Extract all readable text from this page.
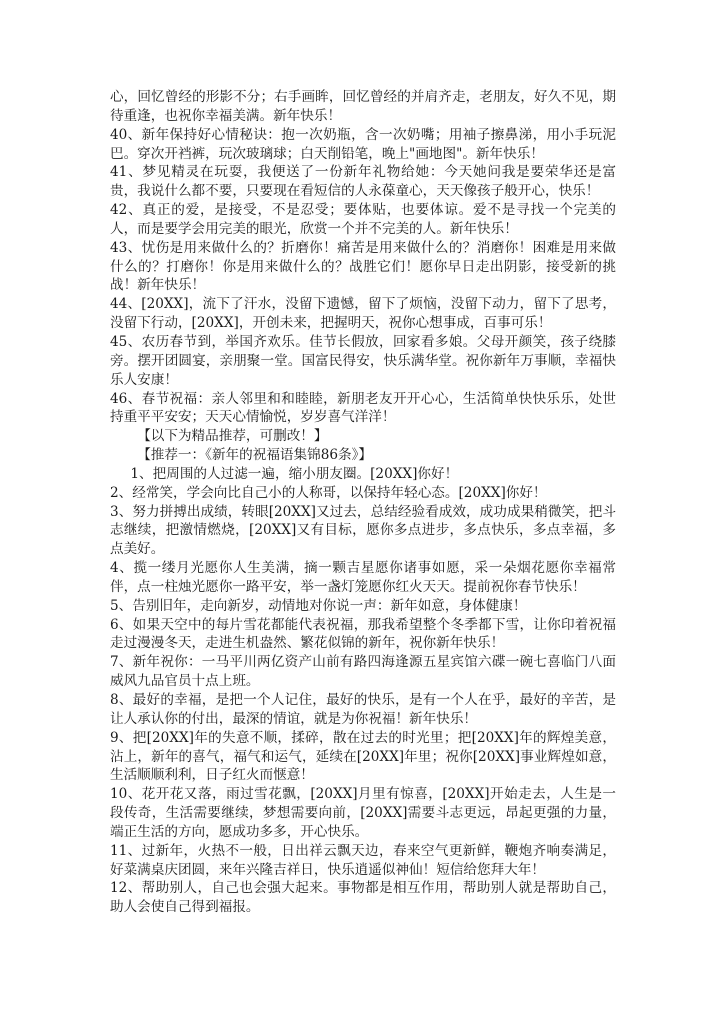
心，回忆曾经的形影不分；右手画眸，回忆曾经的并肩齐走，老朋友，好久不见，期待重逢，也祝你幸福美满。新年快乐！

40、新年保持好心情秘诀：抱一次奶瓶，含一次奶嘴；用袖子擦鼻涕，用小手玩泥巴。穿次开裆裤，玩次玻璃球；白天削铅笔，晚上"画地图"。新年快乐！

41、梦见精灵在玩耍，我便送了一份新年礼物给她：今天她问我是要荣华还是富贵，我说什么都不要，只要现在看短信的人永葆童心，天天像孩子般开心，快乐！

42、真正的爱，是接受，不是忍受；要体贴，也要体谅。爱不是寻找一个完美的人，而是要学会用完美的眼光，欣赏一个并不完美的人。新年快乐！

43、忧伤是用来做什么的？折磨你！痛苦是用来做什么的？消磨你！困难是用来做什么的？打磨你！你是用来做什么的？战胜它们！愿你早日走出阴影，接受新的挑战！新年快乐！

44、[20XX]，流下了汗水，没留下遗憾，留下了烦恼，没留下动力，留下了思考，没留下行动，[20XX]，开创未来，把握明天，祝你心想事成，百事可乐！

45、农历春节到，举国齐欢乐。佳节长假放，回家看多娘。父母开颜笑，孩子绕膝旁。摆开团圆宴，亲朋聚一堂。国富民得安，快乐满华堂。祝你新年万事顺，幸福快乐人安康！

46、春节祝福：亲人邻里和和睦睦，新朋老友开开心心，生活简单快快乐乐，处世持重平平安安；天天心情愉悦，岁岁喜气洋洋！

【以下为精品推荐，可删改！】

【推荐一：《新年的祝福语集锦86条》】

1、把周围的人过滤一遍，缩小朋友圈。[20XX]你好！

2、经常笑，学会向比自己小的人称哥，以保持年轻心态。[20XX]你好！

3、努力拼搏出成绩，转眼[20XX]又过去，总结经验看成效，成功成果稍微笑，把斗志继续，把激情燃烧，[20XX]又有目标，愿你多点进步，多点快乐，多点幸福，多点美好。

4、揽一缕月光愿你人生美满，摘一颗吉星愿你诸事如愿，采一朵烟花愿你幸福常伴，点一柱烛光愿你一路平安，举一盏灯笼愿你红火天天。提前祝你春节快乐！

5、告别旧年，走向新岁，动情地对你说一声：新年如意，身体健康！

6、如果天空中的每片雪花都能代表祝福，那我希望整个冬季都下雪，让你印着祝福走过漫漫冬天，走进生机盎然、繁花似锦的新年，祝你新年快乐！

7、新年祝你：一马平川两亿资产山前有路四海逢源五星宾馆六碟一碗七喜临门八面威风九品官员十点上班。

8、最好的幸福，是把一个人记住，最好的快乐，是有一个人在乎，最好的辛苦，是让人承认你的付出，最深的情谊，就是为你祝福！新年快乐！

9、把[20XX]年的失意不顺，揉碎，散在过去的时光里；把[20XX]年的辉煌美意，沾上，新年的喜气，福气和运气，延续在[20XX]年里；祝你[20XX]事业辉煌如意，生活顺顺利利，日子红火而惬意！

10、花开花又落，雨过雪花飘，[20XX]月里有惊喜，[20XX]开始走去，人生是一段传奇，生活需要继续，梦想需要向前，[20XX]需要斗志更远，昂起更强的力量，端正生活的方向，愿成功多多，开心快乐。

11、过新年，火热不一般，日出祥云飘天边，春来空气更新鲜，鞭炮齐响奏满足，好菜满桌庆团圆，来年兴隆吉祥日，快乐逍遥似神仙！短信给您拜大年！

12、帮助别人，自己也会强大起来。事物都是相互作用，帮助别人就是帮助自己，助人会使自己得到福报。
